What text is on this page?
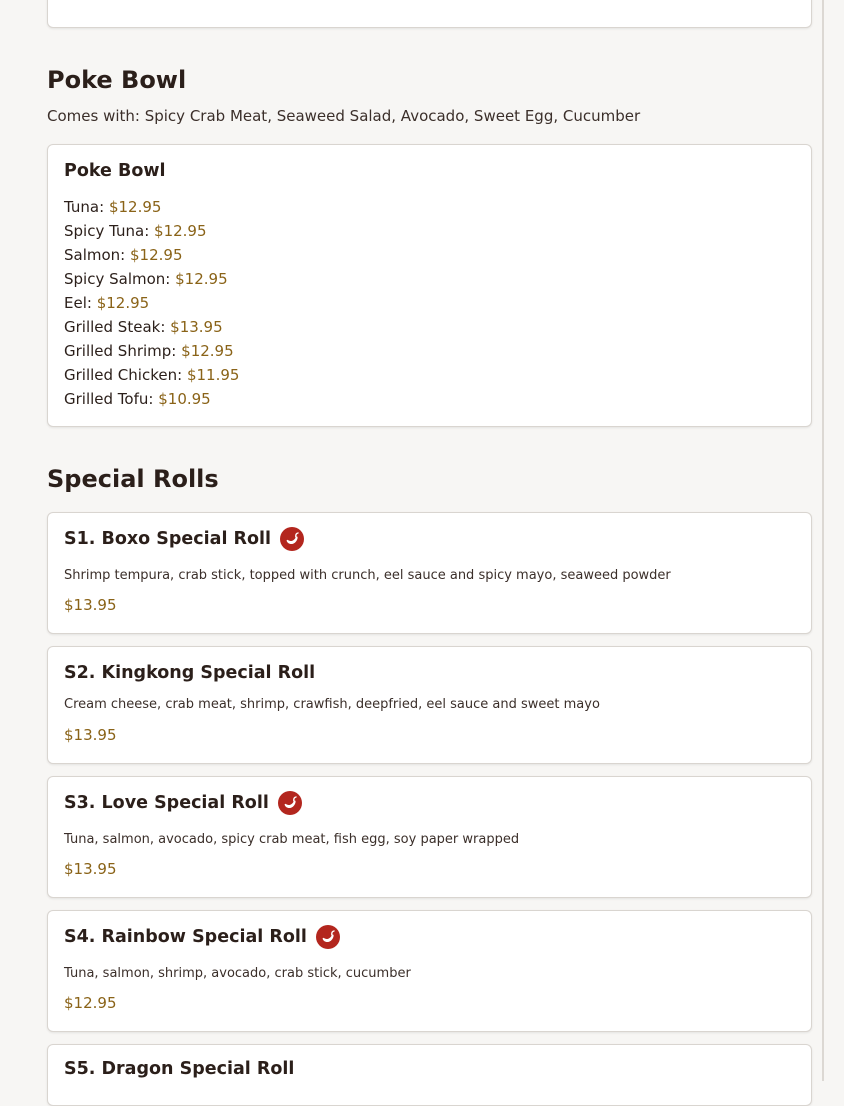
Poke Bowl

Comes with: Spicy Crab Meat, Seaweed Salad, Avocado, Sweet Egg, Cucumber

Poke Bowl
Tuna: $12.95
Spicy Tuna: $12.95
Salmon: $12.95
Spicy Salmon: $12.95
Eel: $12.95
Grilled Steak: $13.95
Grilled Shrimp: $12.95
Grilled Chicken: $11.95
Grilled Tofu: $10.95
Special Rolls
S1. Boxo Special Roll

Shrimp tempura, crab stick, topped with crunch, eel sauce and spicy mayo, seaweed powder

$13.95
S2. Kingkong Special Roll

Cream cheese, crab meat, shrimp, crawfish, deepfried, eel sauce and sweet mayo

$13.95
S3. Love Special Roll

Tuna, salmon, avocado, spicy crab meat, fish egg, soy paper wrapped

$13.95
S4. Rainbow Special Roll

Tuna, salmon, shrimp, avocado, crab stick, cucumber

$12.95
S5. Dragon Special Roll
